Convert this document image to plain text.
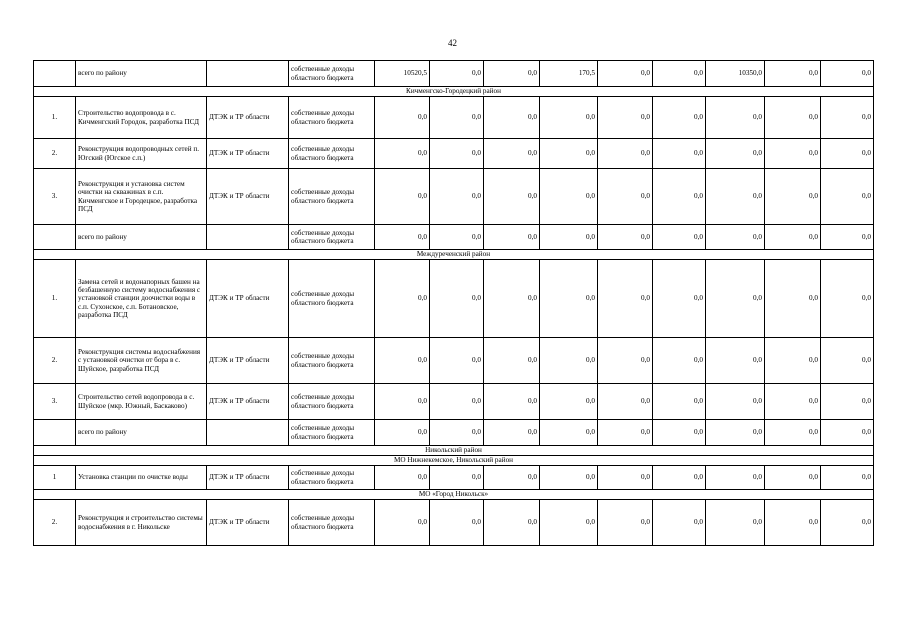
42
	всего по району		собственные доходы областного бюджета	10520,5	0,0	0,0	170,5	0,0	0,0	10350,0	0,0	0,0
Кичменгско-Городецкий район												
1.	Строительство водопровода в с. Кичменгский Городок, разработка ПСД	ДТЭК и ТР области	собственные доходы областного бюджета	0,0	0,0	0,0	0,0	0,0	0,0	0,0	0,0	0,0
2.	Реконструкция водопроводных сетей п. Югский (Югское с.п.)	ДТЭК и ТР области	собственные доходы областного бюджета	0,0	0,0	0,0	0,0	0,0	0,0	0,0	0,0	0,0
3.	Реконструкция и установка систем очистки на скважинах в с.п. Кичменгское и Городецкое, разработка ПСД	ДТЭК и ТР области	собственные доходы областного бюджета	0,0	0,0	0,0	0,0	0,0	0,0	0,0	0,0	0,0
	всего по району		собственные доходы областного бюджета	0,0	0,0	0,0	0,0	0,0	0,0	0,0	0,0	0,0
Междуреченский район												
1.	Замена сетей и водонапорных башен на безбашенную систему водоснабжения с установкой станции доочистки воды в с.п. Сухонское, с.п. Ботановское, разработка ПСД	ДТЭК и ТР области	собственные доходы областного бюджета	0,0	0,0	0,0	0,0	0,0	0,0	0,0	0,0	0,0
2.	Реконструкция системы водоснабжения с установкой очистки от бора в с. Шуйское, разработка ПСД	ДТЭК и ТР области	собственные доходы областного бюджета	0,0	0,0	0,0	0,0	0,0	0,0	0,0	0,0	0,0
3.	Строительство сетей водопровода в с. Шуйское (мкр. Южный, Баскаково)	ДТЭК и ТР области	собственные доходы областного бюджета	0,0	0,0	0,0	0,0	0,0	0,0	0,0	0,0	0,0
	всего по району		собственные доходы областного бюджета	0,0	0,0	0,0	0,0	0,0	0,0	0,0	0,0	0,0
Никольский район												
МО Нижнекемское, Никольский район												
1	Установка станции по очистке воды	ДТЭК и ТР области	собственные доходы областного бюджета	0,0	0,0	0,0	0,0	0,0	0,0	0,0	0,0	0,0
МО «Город Никольск»												
2.	Реконструкция и строительство системы водоснабжения в г. Никольске	ДТЭК и ТР области	собственные доходы областного бюджета	0,0	0,0	0,0	0,0	0,0	0,0	0,0	0,0	0,0
